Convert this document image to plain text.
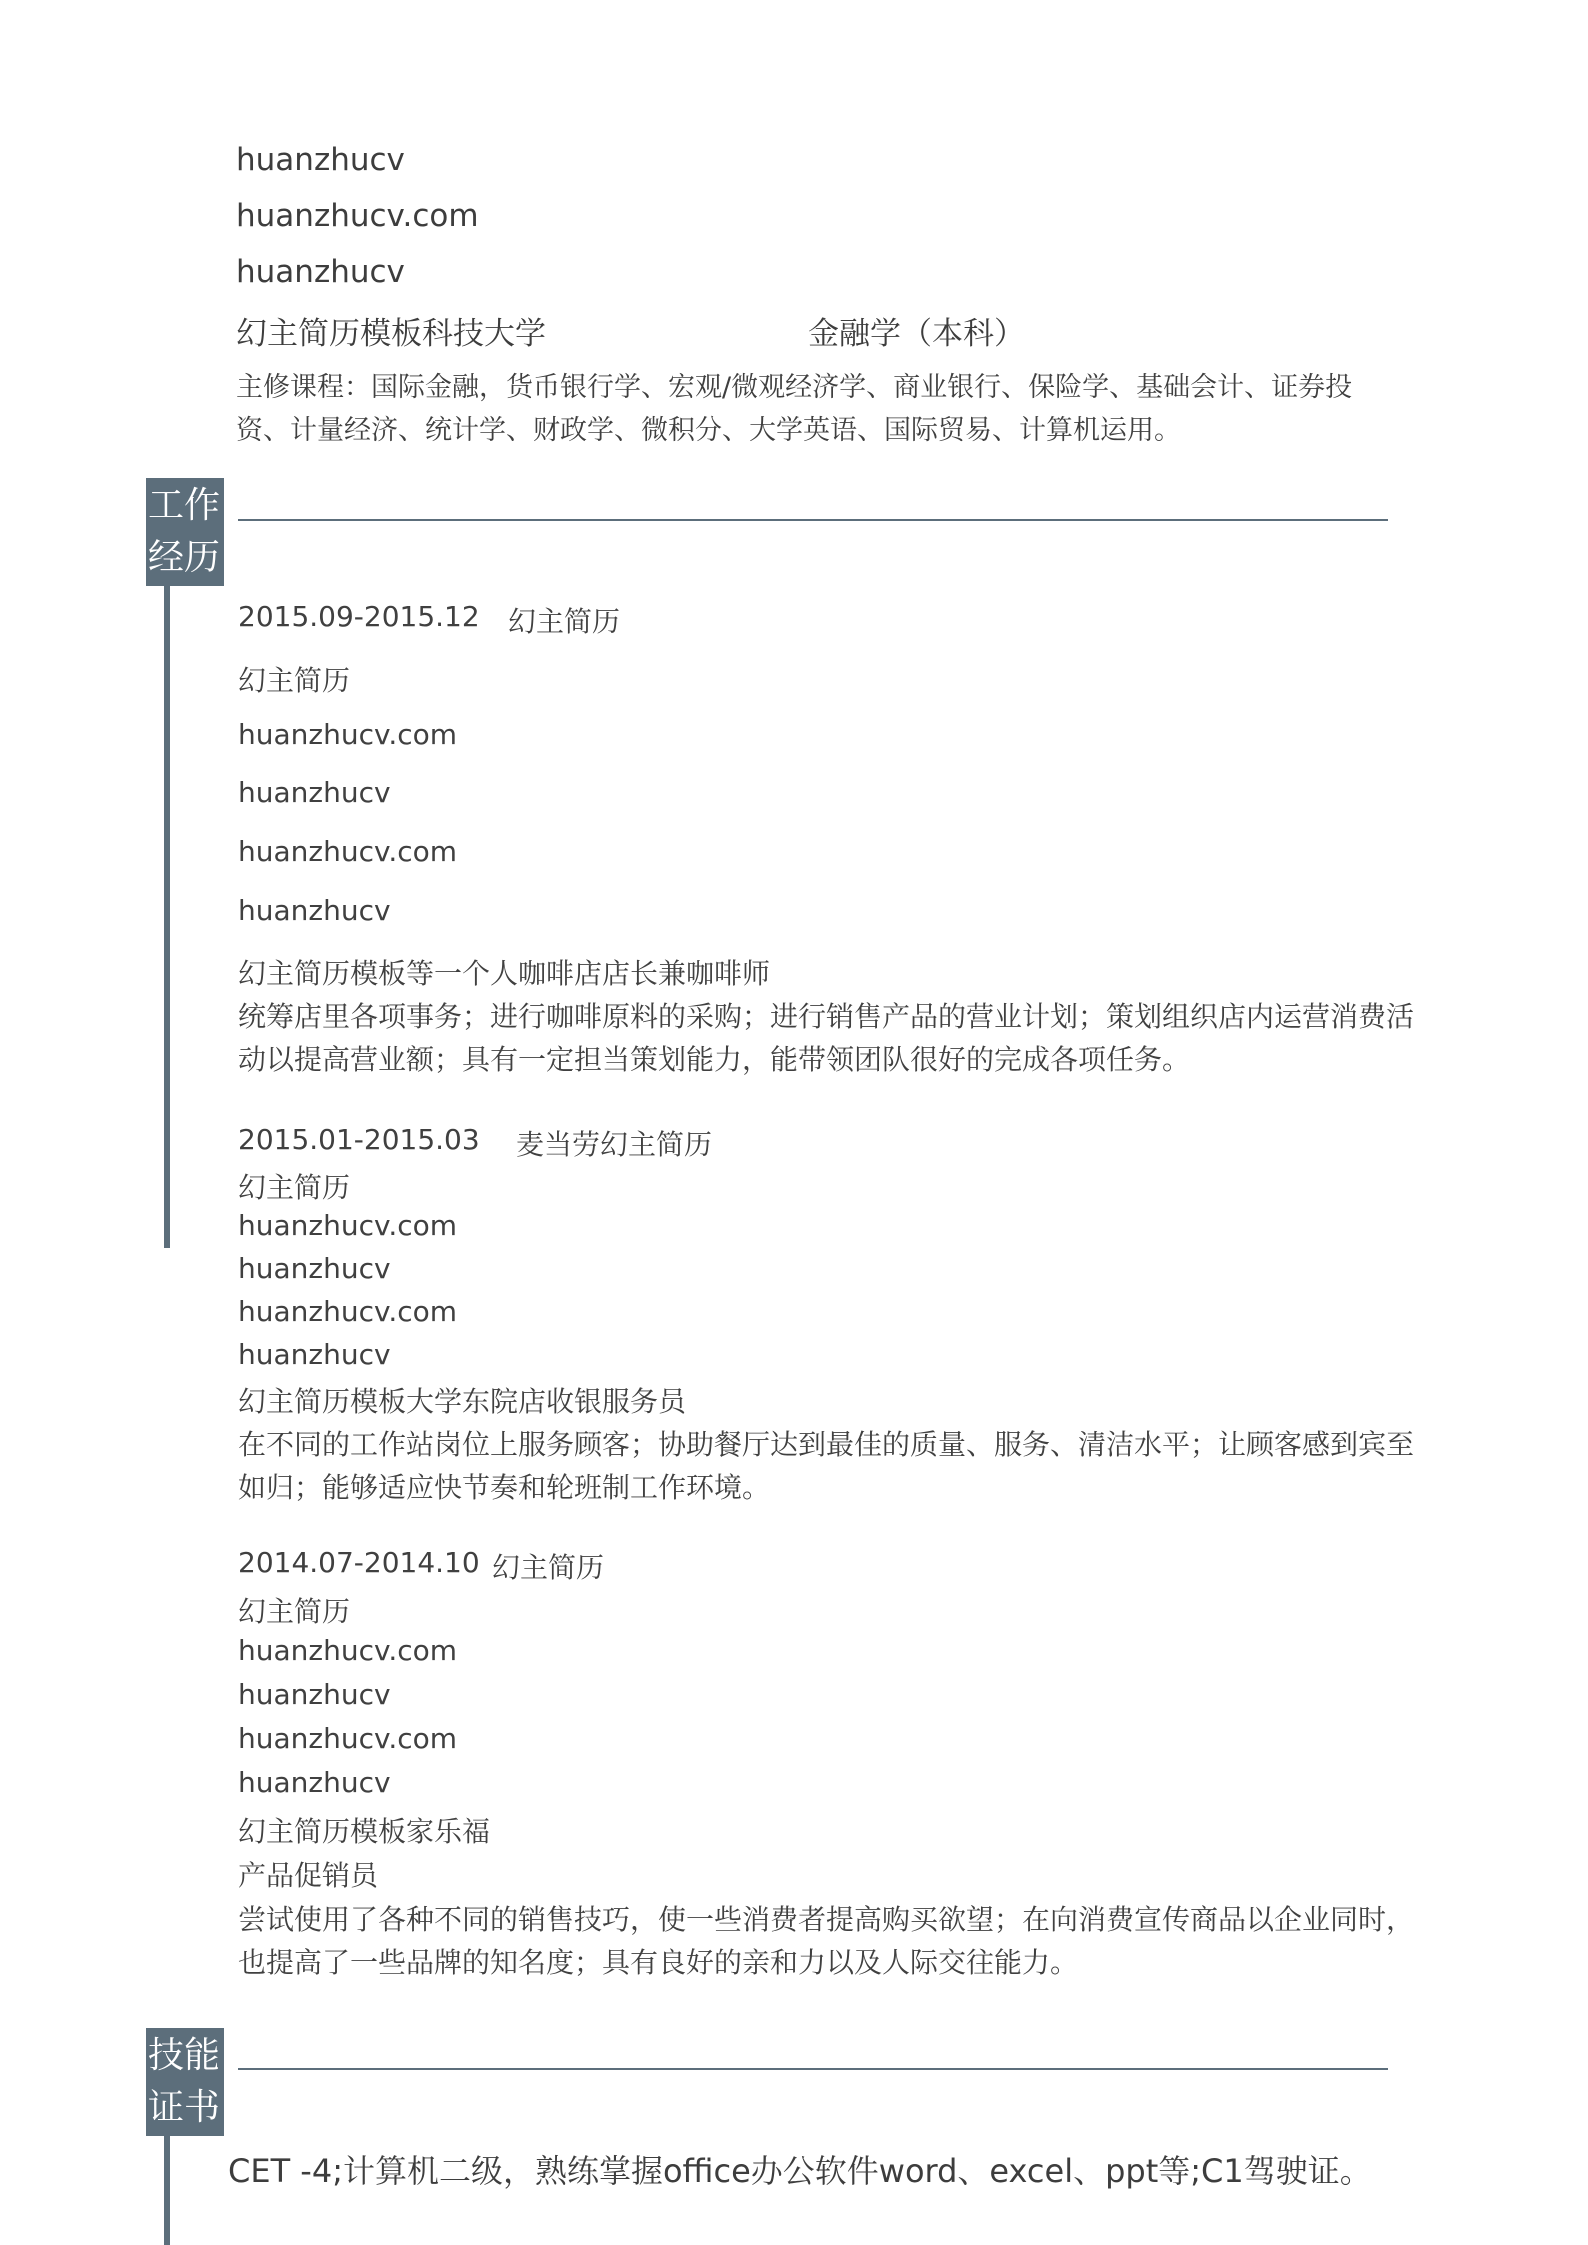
huanzhucv
huanzhucv.com
huanzhucv
幻主简历模板科技大学	金融学（本科）
主修课程：国际金融，货币银行学、宏观/微观经济学、商业银行、保险学、基础会计、证券投
资、计量经济、统计学、财政学、微积分、大学英语、国际贸易、计算机运用。
工作
经历
2015.09-2015.12 幻主简历
幻主简历
huanzhucv.com
huanzhucv
huanzhucv.com
huanzhucv
幻主简历模板等一个人咖啡店店长兼咖啡师
统筹店里各项事务；进行咖啡原料的采购；进行销售产品的营业计划；策划组织店内运营消费活
动以提高营业额；具有一定担当策划能力，能带领团队很好的完成各项任务。
2015.01-2015.03 麦当劳幻主简历
幻主简历
huanzhucv.com
huanzhucv
huanzhucv.com
huanzhucv
幻主简历模板大学东院店收银服务员
在不同的工作站岗位上服务顾客；协助餐厅达到最佳的质量、服务、清洁水平；让顾客感到宾至
如归；能够适应快节奏和轮班制工作环境。
2014.07-2014.10 幻主简历
幻主简历
huanzhucv.com
huanzhucv
huanzhucv.com
huanzhucv
幻主简历模板家乐福
产品促销员
尝试使用了各种不同的销售技巧，使一些消费者提高购买欲望；在向消费宣传商品以企业同时，
也提高了一些品牌的知名度；具有良好的亲和力以及人际交往能力。
技能
证书
CET -4;计算机二级，熟练掌握office办公软件word、excel、ppt等;C1驾驶证。
